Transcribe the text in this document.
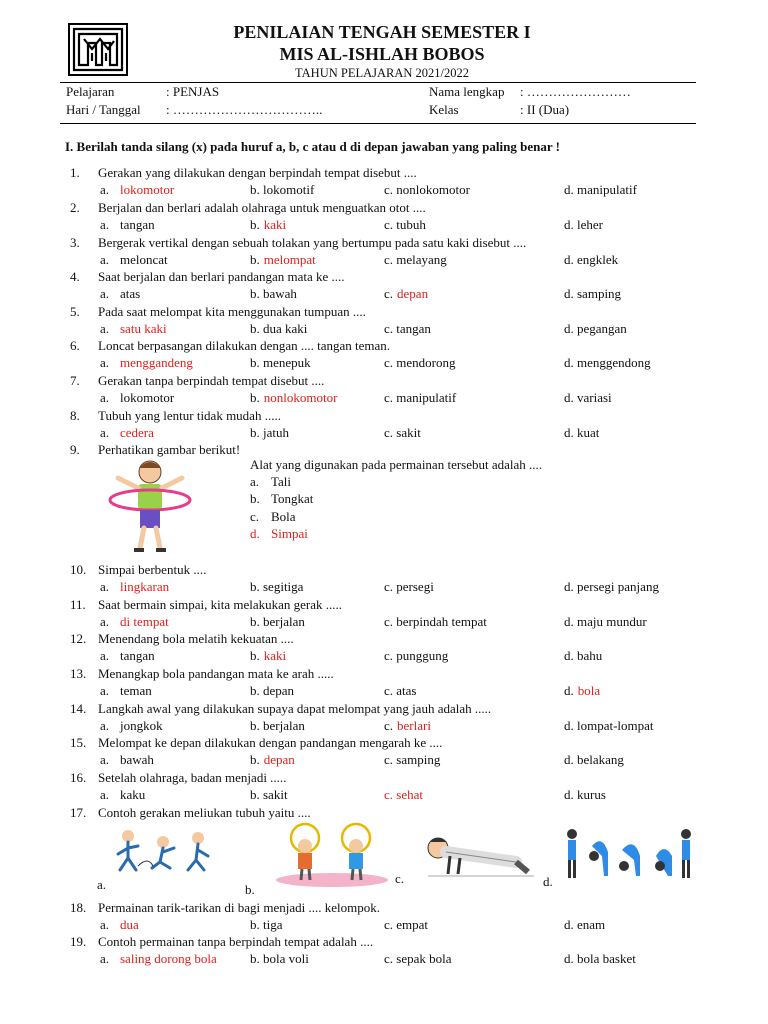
PENILAIAN TENGAH SEMESTER I
MIS AL-ISHLAH BOBOS
TAHUN PELAJARAN 2021/2022
Pelajaran	: PENJAS
Hari / Tanggal : ……………………………..
Nama lengkap : ……………………
Kelas	: II (Dua)
I. Berilah tanda silang (x) pada huruf a, b, c atau d di depan jawaban yang paling benar !
1. Gerakan yang dilakukan dengan berpindah tempat disebut ....
a. lokomotor	b. lokomotif	c. nonlokomotor	d. manipulatif
2. Berjalan dan berlari adalah olahraga untuk menguatkan otot ....
a. tangan	b. kaki	c. tubuh	d. leher
3. Bergerak vertikal dengan sebuah tolakan yang bertumpu pada satu kaki disebut ....
a. meloncat	b. melompat	c. melayang	d. engklek
4. Saat berjalan dan berlari pandangan mata ke ....
a. atas	b. bawah	c. depan	d. samping
5. Pada saat melompat kita menggunakan tumpuan ....
a. satu kaki	b. dua kaki	c. tangan	d. pegangan
6. Loncat berpasangan dilakukan dengan .... tangan teman.
a. menggandeng	b. menepuk	c. mendorong	d. menggendong
7. Gerakan tanpa berpindah tempat disebut ....
a. lokomotor	b. nonlokomotor	c. manipulatif	d. variasi
8. Tubuh yang lentur tidak mudah .....
a. cedera	b. jatuh	c. sakit	d. kuat
9. Perhatikan gambar berikut!
10. Simpai berbentuk ....
a. lingkaran	b. segitiga	c. persegi	d. persegi panjang
11. Saat bermain simpai, kita melakukan gerak .....
a. di tempat	b. berjalan	c. berpindah tempat	d. maju mundur
12. Menendang bola melatih kekuatan ....
a. tangan	b. kaki	c. punggung	d. bahu
13. Menangkap bola pandangan mata ke arah .....
a. teman	b. depan	c. atas	d. bola
14. Langkah awal yang dilakukan supaya dapat melompat yang jauh adalah .....
a. jongkok	b. berjalan	c. berlari	d. lompat-lompat
15. Melompat ke depan dilakukan dengan pandangan mengarah ke ....
a. bawah	b. depan	c. samping	d. belakang
16. Setelah olahraga, badan menjadi .....
a. kaku	b. sakit	c. sehat	d. kurus
17. Contoh gerakan meliukan tubuh yaitu ....
18. Permainan tarik-tarikan di bagi menjadi .... kelompok.
a. dua	b. tiga	c. empat	d. enam
19. Contoh permainan tanpa berpindah tempat adalah ....
a. saling dorong bola	b. bola voli	c. sepak bola	d. bola basket
Alat yang digunakan pada permainan tersebut adalah ....
a. Tali
b. Tongkat
c. Bola
d. Simpai
a.	b.
c.	d.
